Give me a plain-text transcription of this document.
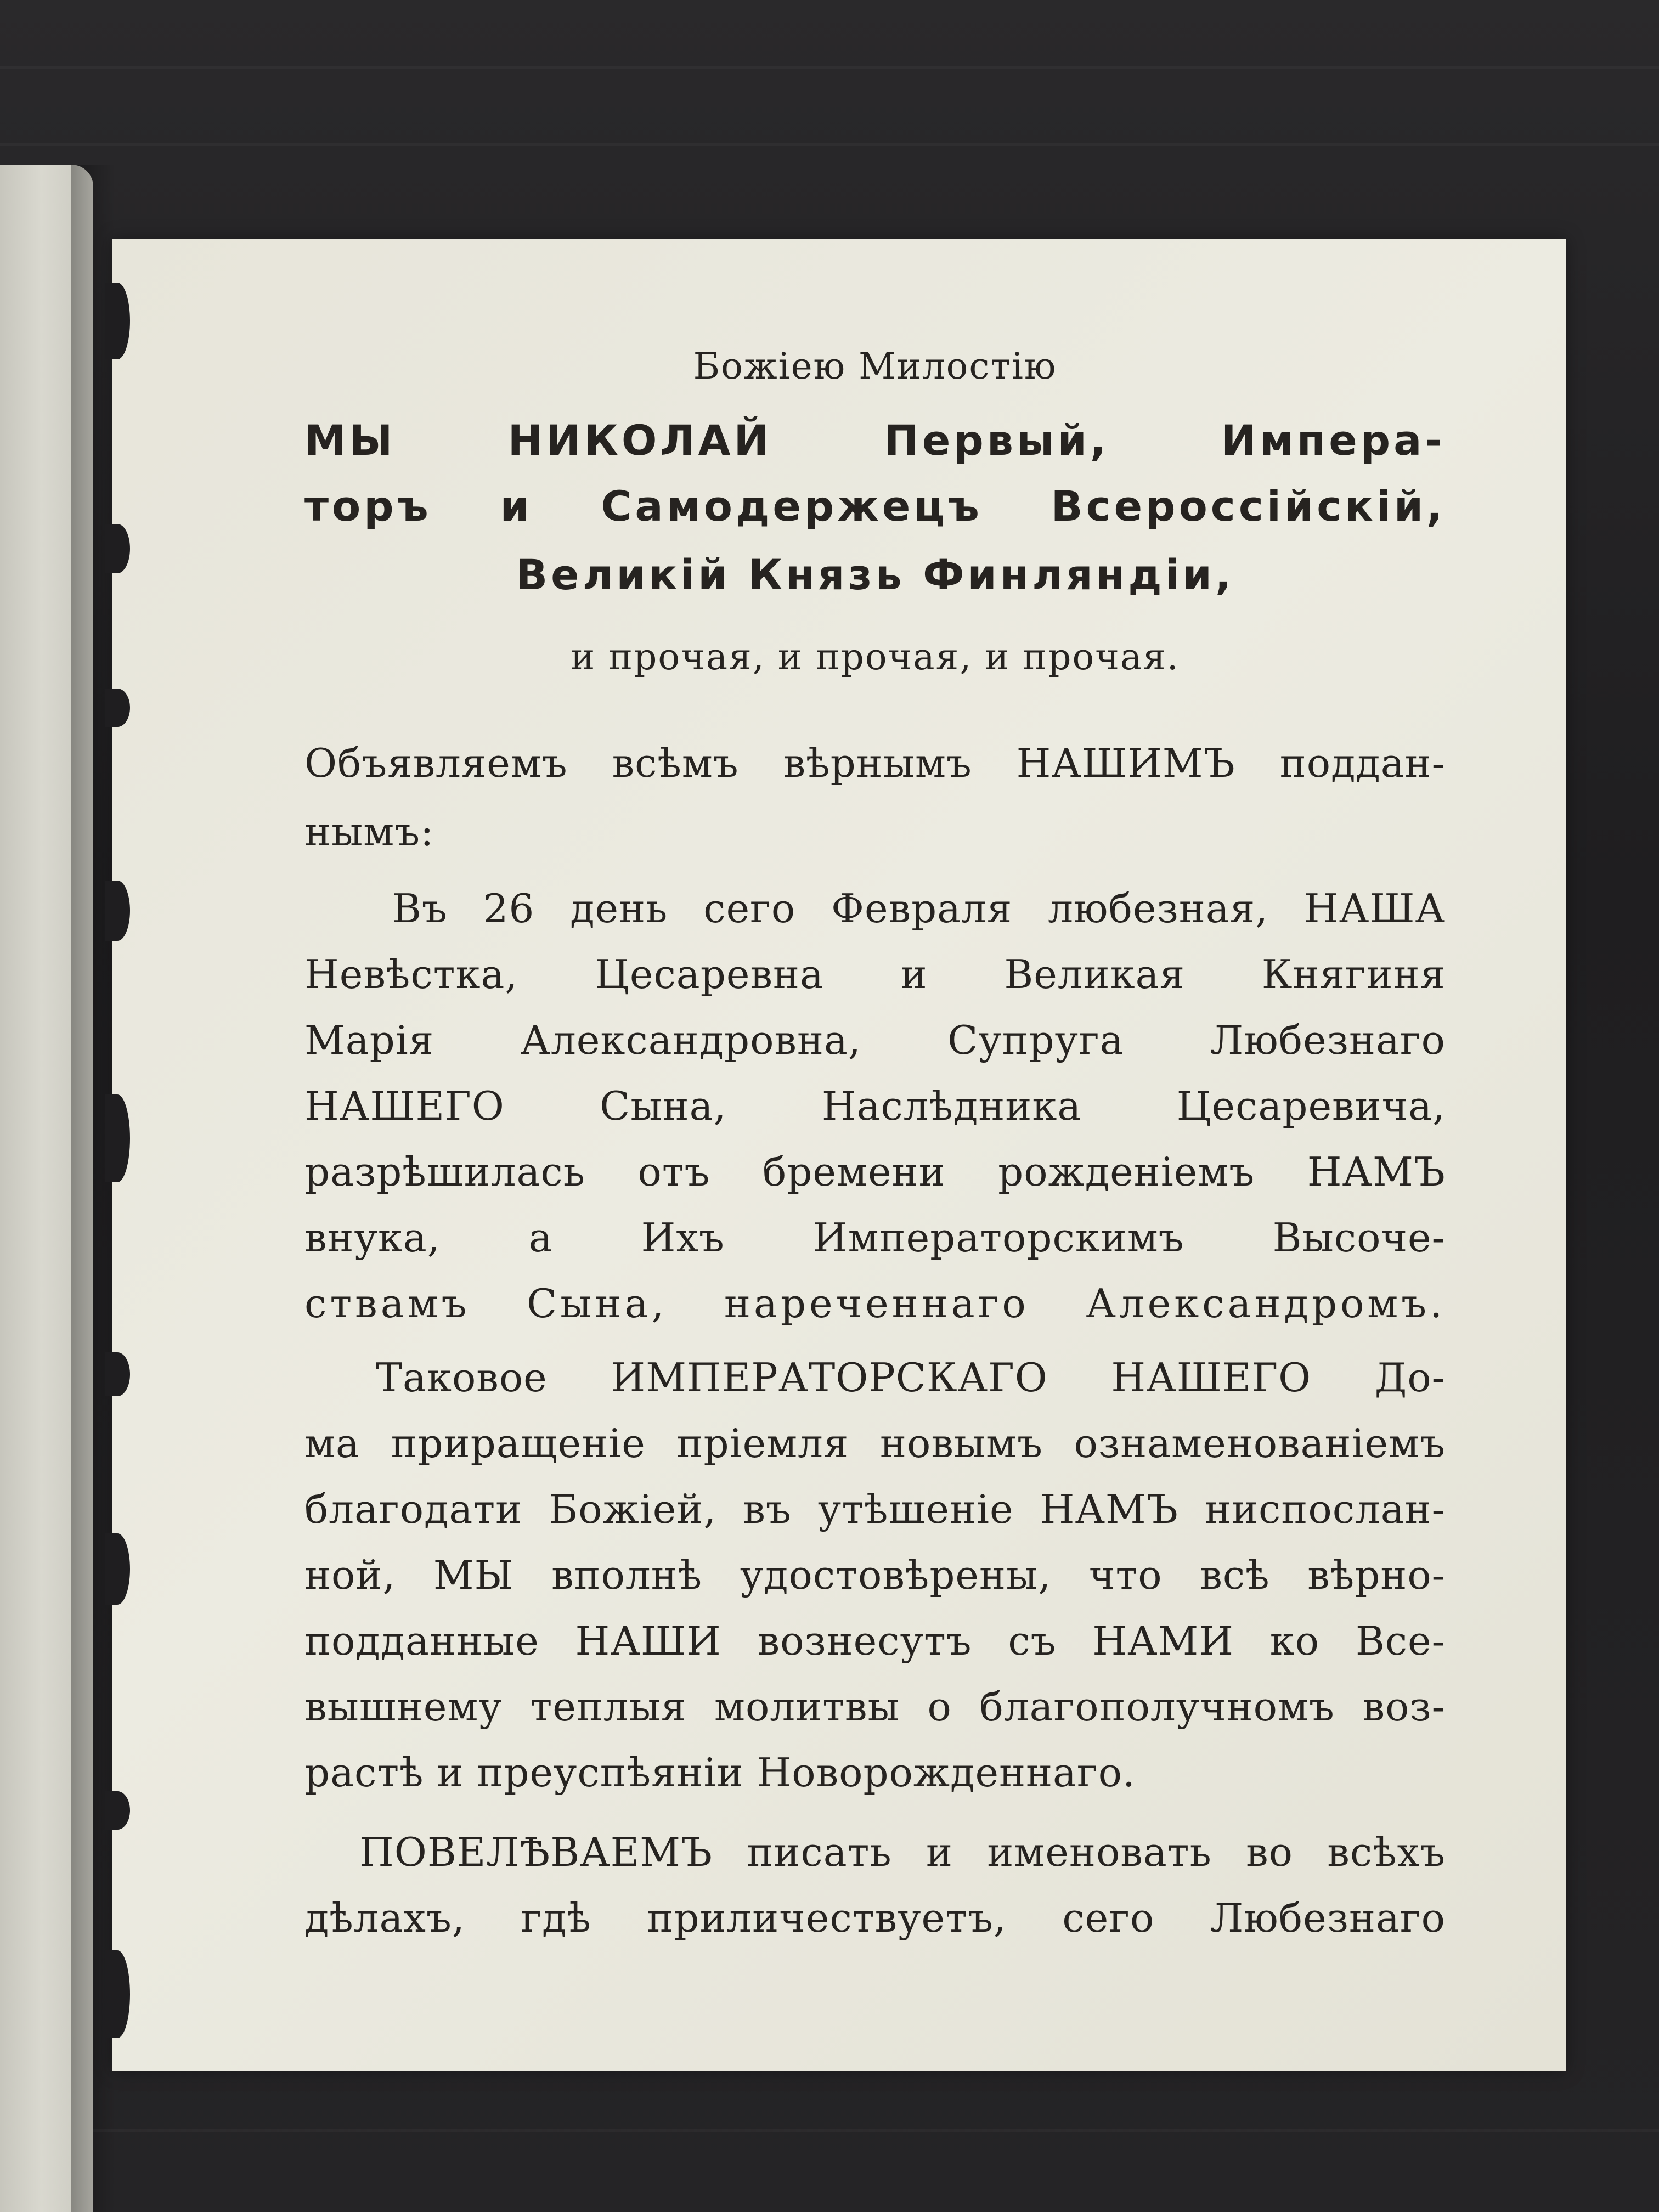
Божіею Милостію
МЫ НИКОЛАЙ Первый, Импера-
торъ и Самодержецъ Всероссійскій,
Великій Князь Финляндіи,
и прочая, и прочая, и прочая.
Объявляемъ всѣмъ вѣрнымъ НАШИМЪ поддан-
нымъ:
Въ 26 день сего Февраля любезная, НАША
Невѣстка, Цесаревна и Великая Княгиня
Марія Александровна, Супруга Любезнаго
НАШЕГО Сына, Наслѣдника Цесаревича,
разрѣшилась отъ бремени рожденіемъ НАМЪ
внука, а Ихъ Императорскимъ Высоче-
ствамъ Сына, нареченнаго Александромъ.
Таковое ИМПЕРАТОРСКАГО НАШЕГО До-
ма приращеніе пріемля новымъ ознаменованіемъ
благодати Божіей, въ утѣшеніе НАМЪ ниспослан-
ной, МЫ вполнѣ удостовѣрены, что всѣ вѣрно-
подданные НАШИ вознесутъ съ НАМИ ко Все-
вышнему теплыя молитвы о благополучномъ воз-
растѣ и преуспѣяніи Новорожденнаго.
ПОВЕЛѢВАЕМЪ писать и именовать во всѣхъ
дѣлахъ, гдѣ приличествуетъ, сего Любезнаго
